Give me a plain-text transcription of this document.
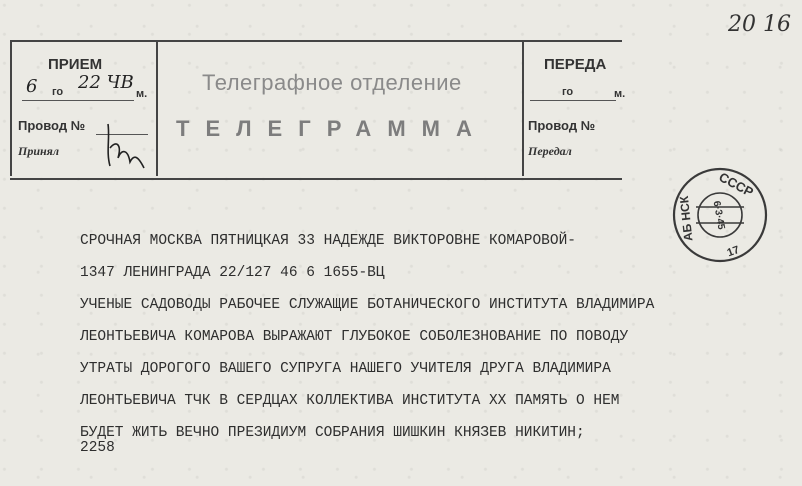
20 16
ПРИЕМ
6 го 22 ЧВ
м.
Провод №
Принял
Телеграфное отделение
ТЕЛЕГРАММА
ПЕРЕДА
го	м.
Провод №
Передал
СССР
АБ НСК 6·3·45
17
СРОЧНАЯ МОСКВА ПЯТНИЦКАЯ 33 НАДЕЖДЕ ВИКТОРОВНЕ КОМАРОВОЙ-
1347 ЛЕНИНГРАДА 22/127 46 6 1655-ВЦ
УЧЕНЫЕ САДОВОДЫ РАБОЧЕЕ СЛУЖАЩИЕ БОТАНИЧЕСКОГО ИНСТИТУТА ВЛАДИМИРА
ЛЕОНТЬЕВИЧА КОМАРОВА ВЫРАЖАЮТ ГЛУБОКОЕ СОБОЛЕЗНОВАНИЕ ПО ПОВОДУ
УТРАТЫ ДОРОГОГО ВАШЕГО СУПРУГА НАШЕГО УЧИТЕЛЯ ДРУГА ВЛАДИМИРА
ЛЕОНТЬЕВИЧА ТЧК В СЕРДЦАХ КОЛЛЕКТИВА ИНСТИТУТА ХХ ПАМЯТЬ О НЕМ
БУДЕТ ЖИТЬ ВЕЧНО ПРЕЗИДИУМ СОБРАНИЯ ШИШКИН КНЯЗЕВ НИКИТИН;
2258
